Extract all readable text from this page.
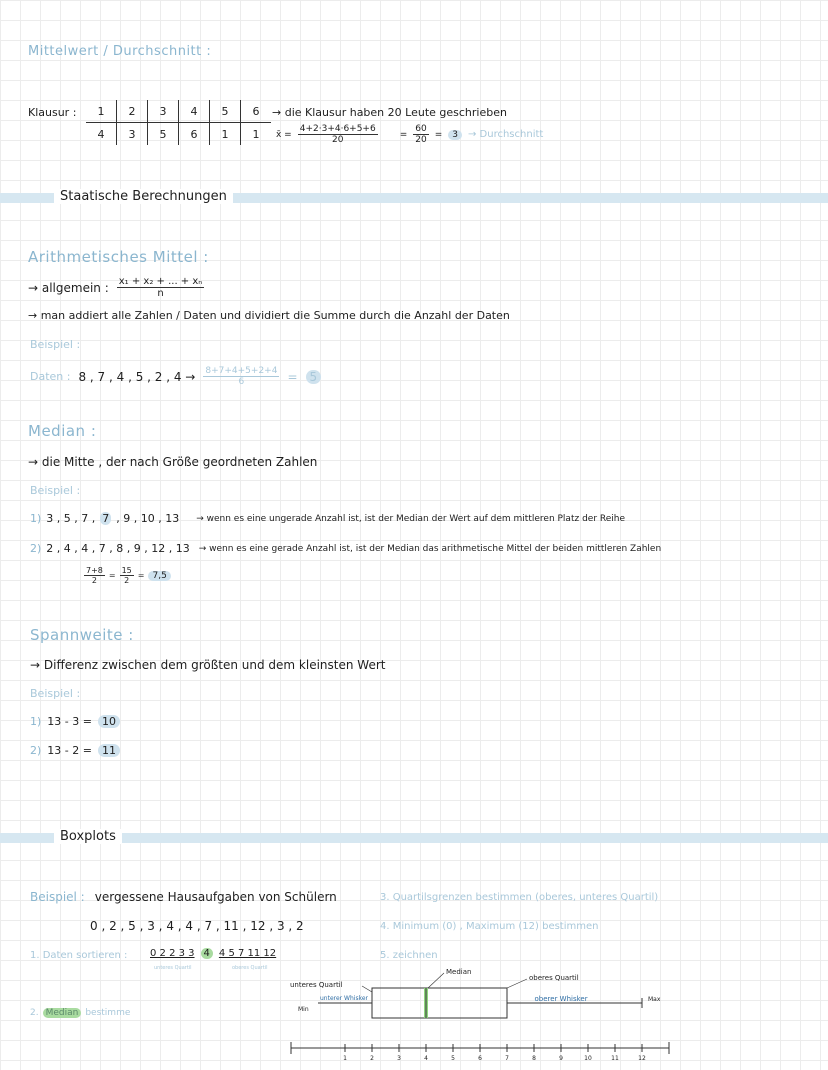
Mittelwert / Durchschnitt :
Klausur : 1	2	3	4	5	6
4	3	5	6	1	1
→ die Klausur haben 20 Leute geschrieben
x̄ = $\frac{4+2\cdot 3+4\cdot 6+5+6}{20} = \frac{60}{20}$ =	3	→ Durchschnitt
Staatische Berechnungen
Arithmetisches Mittel :
→ allgemein : $\frac{\text{x₁ + x₂ + ... + xₙ}}{n}$
→ man addiert alle Zahlen / Daten und dividiert die Summe durch die Anzahl der Daten
Beispiel :
Daten : 8 , 7 , 4 , 5 , 2 , $4 \to \frac{8+7+4+5+2+4}{6}$ =	5
Median :
→ die Mitte , der nach Größe geordneten Zahlen
Beispiel :
1) 3 , 5 , 7 , 7 , 9 , 10 , 13 → wenn es eine ungerade Anzahl ist, ist der Median der Wert auf dem mittleren Platz der Reihe
2) 2 , 4 , 4 , 7 , 8 , 9 , 12 , 13 → wenn es eine gerade Anzahl ist, ist der Median das arithmetische Mittel der beiden mittleren Zahlen
$\frac{7+8}{2} = \frac{15}{2} = 7,5$
Spannweite :
→ Differenz zwischen dem größten und dem kleinsten Wert
Beispiel :
1) 13 - 3 = 10
2) 13 - 2 = 11
Boxplots
Beispiel : vergessene Hausaufgaben von Schülern
0 , 2 , 5 , 3 , 4 , 4 , 7 , 11 , 12 , 3 , 2
1. Daten sortieren : 0 2 2 3 3 4 4 5 7 11 12
unteres Quartil	oberes Quartil
2. Median bestimme
3. Quartilsgrenzen bestimmen (oberes, unteres Quartil)
4. Minimum (0) , Maximum (12) bestimmen
5. zeichnen
1	2	3	4	5	6	7	8	9	10	11	12
Median
oberes Quartil
unteres Quartil
unterer Whisker	oberer Whisker
Min
Max
